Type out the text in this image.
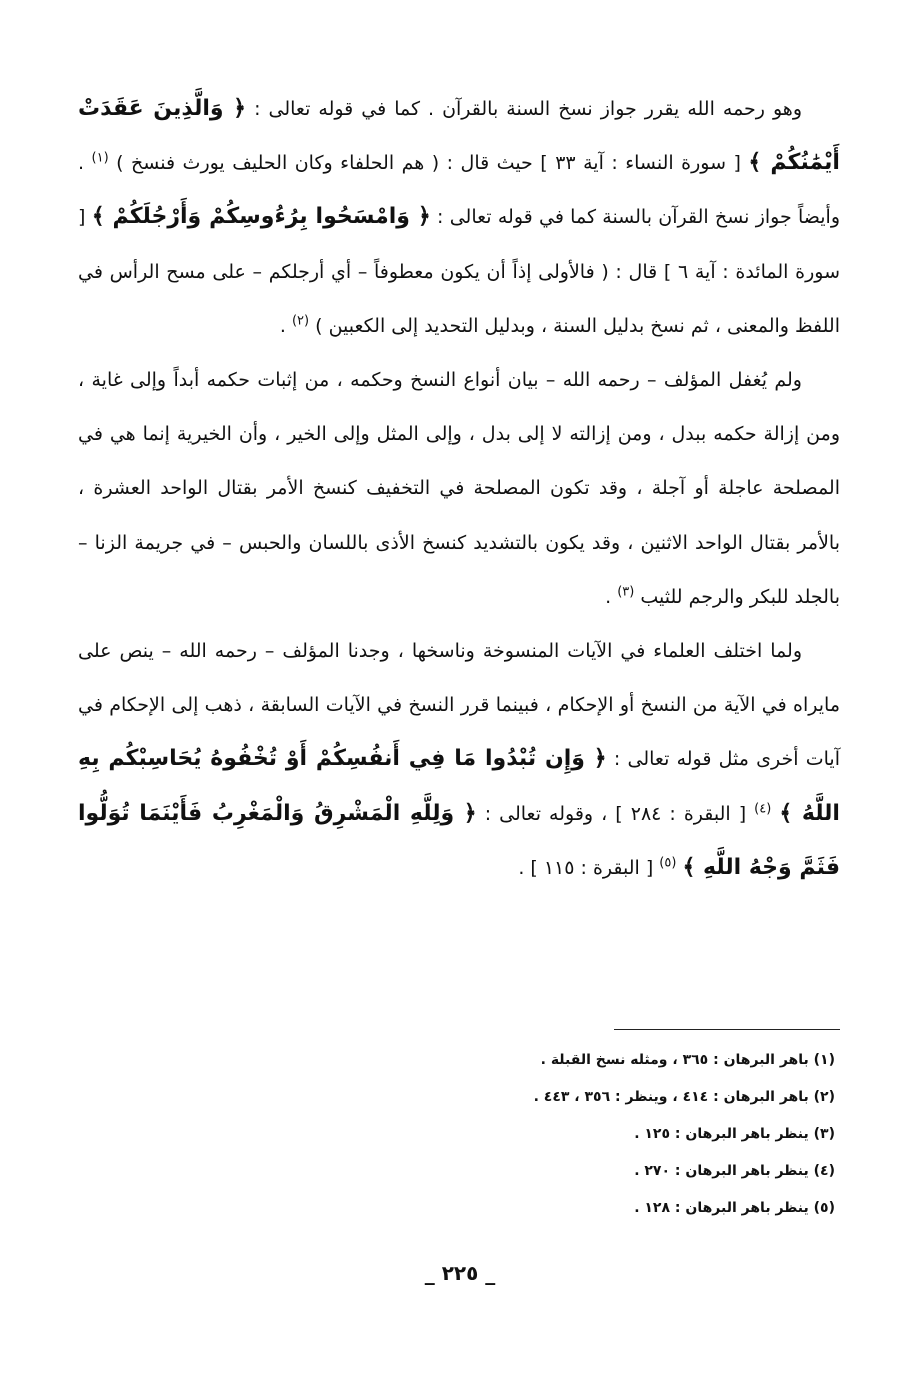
وهو رحمه الله يقرر جواز نسخ السنة بالقرآن . كما في قوله تعالى : ﴿ وَالَّذِينَ عَقَدَتْ أَيْمَٰنُكُمْ ﴾ [ سورة النساء : آية ٣٣ ] حيث قال : ( هم الحلفاء وكان الحليف يورث فنسخ ) $^{(١)}$ . وأيضاً جواز نسخ القرآن بالسنة كما في قوله تعالى : ﴿ وَامْسَحُوا بِرُءُوسِكُمْ وَأَرْجُلَكُمْ ﴾ [ سورة المائدة : آية ٦ ] قال : ( فالأولى إذاً أن يكون معطوفاً – أي أرجلكم – على مسح الرأس في اللفظ والمعنى ، ثم نسخ بدليل السنة ، وبدليل التحديد إلى الكعبين ) $^{(٢)}$ .

ولم يُغفل المؤلف – رحمه الله – بيان أنواع النسخ وحكمه ، من إثبات حكمه أبداً وإلى غاية ، ومن إزالة حكمه ببدل ، ومن إزالته لا إلى بدل ، وإلى المثل وإلى الخير ، وأن الخيرية إنما هي في المصلحة عاجلة أو آجلة ، وقد تكون المصلحة في التخفيف كنسخ الأمر بقتال الواحد العشرة ، بالأمر بقتال الواحد الاثنين ، وقد يكون بالتشديد كنسخ الأذى باللسان والحبس – في جريمة الزنا – بالجلد للبكر والرجم للثيب $^{(٣)}$ .

ولما اختلف العلماء في الآيات المنسوخة وناسخها ، وجدنا المؤلف – رحمه الله – ينص على مايراه في الآية من النسخ أو الإحكام ، فبينما قرر النسخ في الآيات السابقة ، ذهب إلى الإحكام في آيات أخرى مثل قوله تعالى : ﴿ وَإِن تُبْدُوا مَا فِي أَنفُسِكُمْ أَوْ تُخْفُوهُ يُحَاسِبْكُم بِهِ اللَّهُ ﴾ $^{(٤)}$ [ البقرة : ٢٨٤ ] ، وقوله تعالى : ﴿ وَلِلَّهِ الْمَشْرِقُ وَالْمَغْرِبُ فَأَيْنَمَا تُوَلُّوا فَثَمَّ وَجْهُ اللَّهِ ﴾ $^{(٥)}$ [ البقرة : ١١٥ ] .

(١) باهر البرهان : ٣٦٥ ، ومثله نسخ القبلة .

(٢) باهر البرهان : ٤١٤ ، وينظر : ٣٥٦ ، ٤٤٣ .

(٣) ينظر باهر البرهان : ١٢٥ .

(٤) ينظر باهر البرهان : ٢٧٠ .

(٥) ينظر باهر البرهان : ١٢٨ .

_ ٢٢٥ _
